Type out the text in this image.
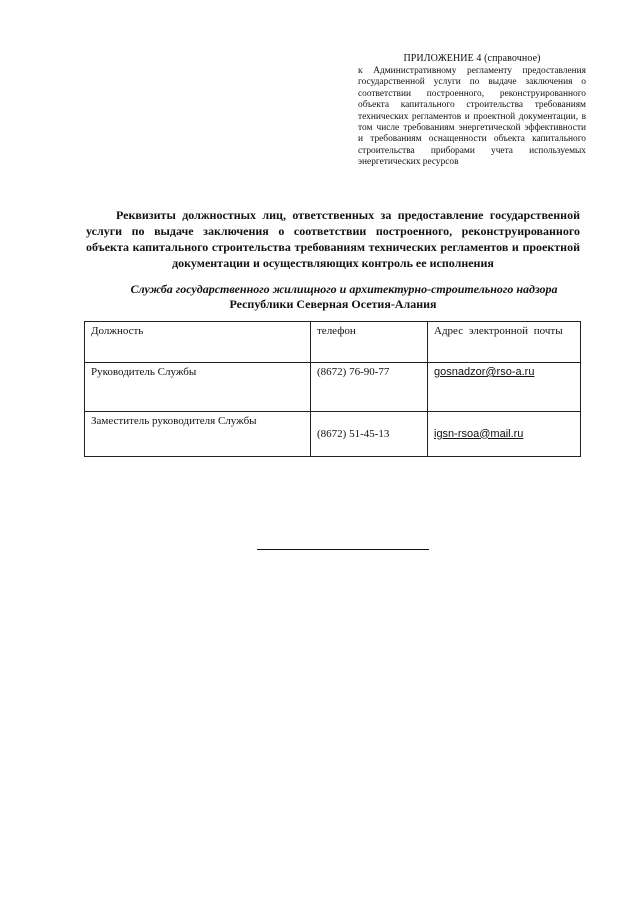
ПРИЛОЖЕНИЕ 4 (справочное)

к Административному регламенту предоставления государственной услуги по выдаче заключения о соответствии построенного, реконструированного объекта капитального строительства требованиям технических регламентов и проектной документации, в том числе требованиям энергетической эффективности и требованиям оснащенности объекта капитального строительства приборами учета используемых энергетических ресурсов

Реквизиты должностных лиц, ответственных за предоставление государственной услуги по выдаче заключения о соответствии построенного, реконструированного объекта капитального строительства требованиям технических регламентов и проектной документации и осуществляющих контроль ее исполнения

Служба государственного жилищного и архитектурно-строительного надзора
Республики Северная Осетия-Алания

Должность	телефон	Адрес электронной почты
Руководитель Службы	(8672) 76-90-77	gosnadzor@rso-a.ru
Заместитель руководителя Службы	(8672) 51-45-13	igsn-rsoa@mail.ru
